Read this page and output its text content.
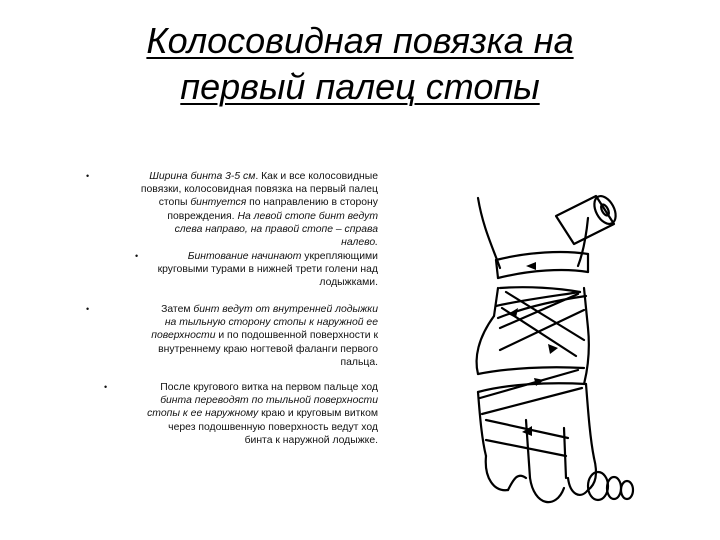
Колосовидная повязка на
первый палец стопы
•	Ширина бинта 3-5 см. Как и все колосовидные
повязки, колосовидная повязка на первый палец
стопы бинтуется по направлению в сторону
повреждения. На левой стопе бинт ведут
слева направо, на правой стопе – справа
налево.
•	Бинтование начинают укрепляющими
круговыми турами в нижней трети голени над
лодыжками.
•	Затем бинт ведут от внутренней лодыжки
на тыльную сторону стопы к наружной ее
поверхности и по подошвенной поверхности к
внутреннему краю ногтевой фаланги первого
пальца.
•	После кругового витка на первом пальце ход
бинта переводят по тыльной поверхности
стопы к ее наружному краю и круговым витком
через подошвенную поверхность ведут ход
бинта к наружной лодыжке.
